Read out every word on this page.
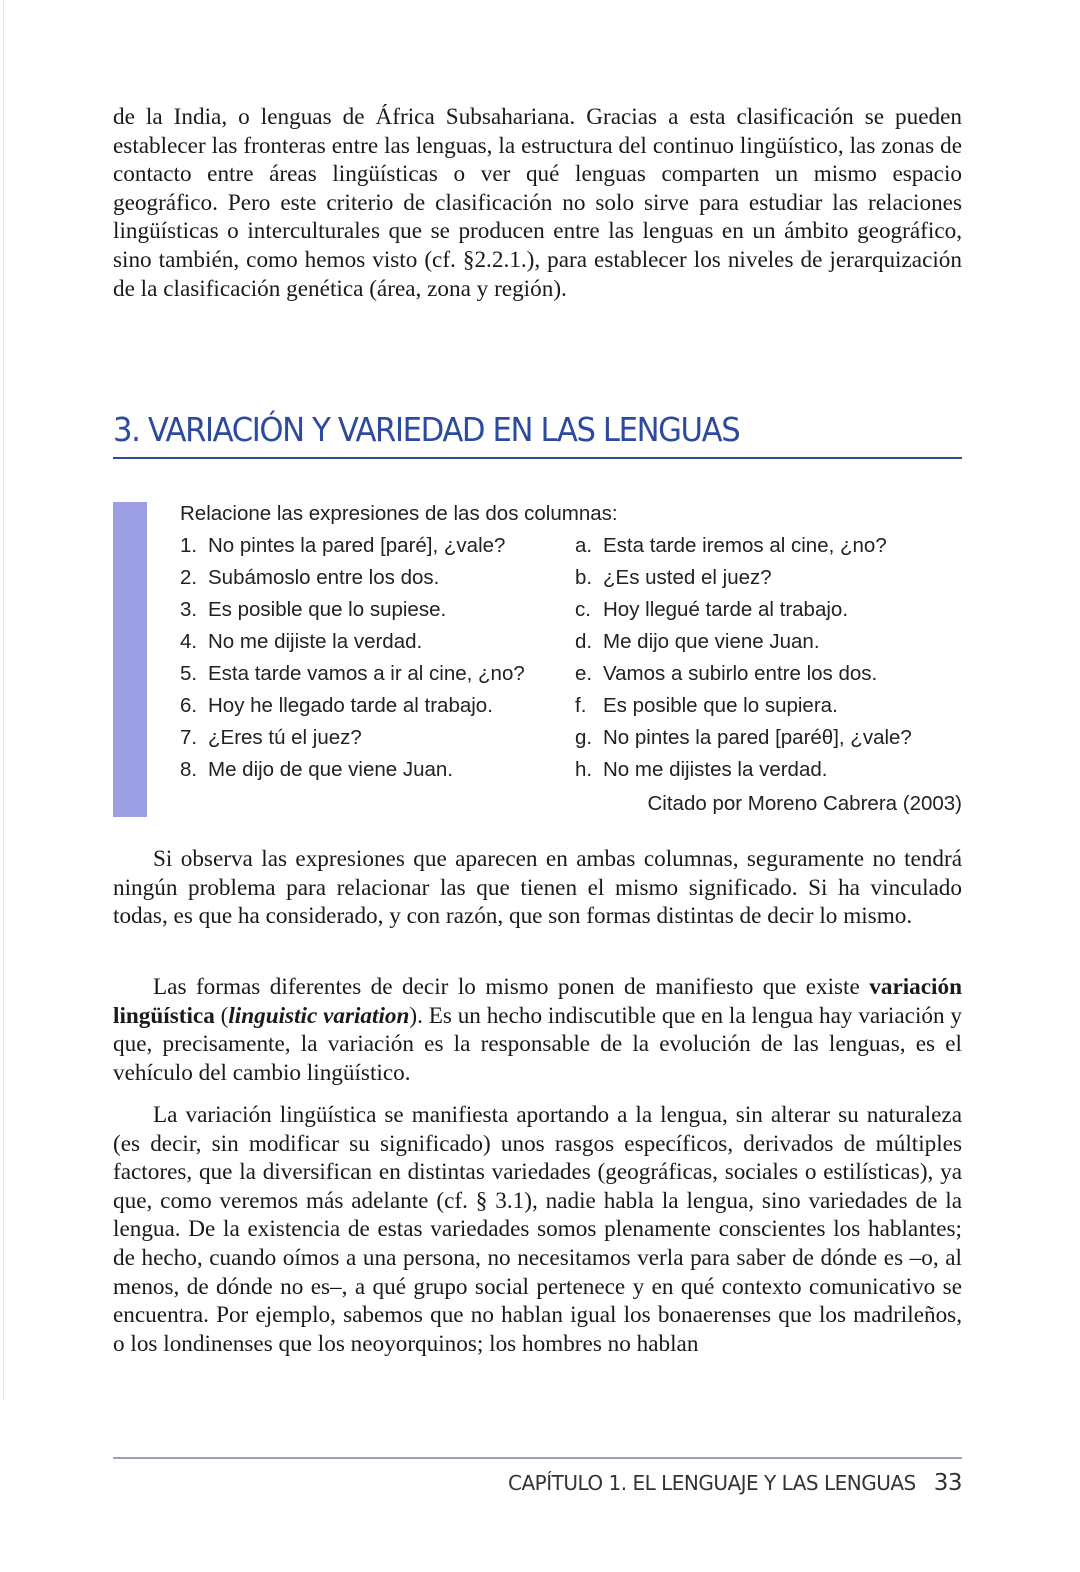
de la India, o lenguas de África Subsahariana. Gracias a esta clasificación se pueden establecer las fronteras entre las lenguas, la estructura del continuo lingüístico, las zonas de contacto entre áreas lingüísticas o ver qué lenguas comparten un mismo espacio geográfico. Pero este criterio de clasificación no solo sirve para estudiar las relaciones lingüísticas o interculturales que se producen entre las lenguas en un ámbito geográfico, sino también, como hemos visto (cf. §2.2.1.), para establecer los niveles de jerarquización de la clasificación genética (área, zona y región).

3. VARIACIÓN Y VARIEDAD EN LAS LENGUAS
Relacione las expresiones de las dos columnas:
1. No pintes la pared [paré], ¿vale?
2. Subámoslo entre los dos.
3. Es posible que lo supiese.
4. No me dijiste la verdad.
5. Esta tarde vamos a ir al cine, ¿no?
6. Hoy he llegado tarde al trabajo.
7. ¿Eres tú el juez?
8. Me dijo de que viene Juan.
a. Esta tarde iremos al cine, ¿no?
b. ¿Es usted el juez?
c. Hoy llegué tarde al trabajo.
d. Me dijo que viene Juan.
e. Vamos a subirlo entre los dos.
f. Es posible que lo supiera.
g. No pintes la pared [paréθ], ¿vale?
h. No me dijistes la verdad.
Citado por Moreno Cabrera (2003)

Si observa las expresiones que aparecen en ambas columnas, seguramente no tendrá ningún problema para relacionar las que tienen el mismo significado. Si ha vinculado todas, es que ha considerado, y con razón, que son formas distintas de decir lo mismo.

Las formas diferentes de decir lo mismo ponen de manifiesto que existe variación lingüística (linguistic variation). Es un hecho indiscutible que en la lengua hay variación y que, precisamente, la variación es la responsable de la evolución de las lenguas, es el vehículo del cambio lingüístico.

La variación lingüística se manifiesta aportando a la lengua, sin alterar su naturaleza (es decir, sin modificar su significado) unos rasgos específicos, derivados de múltiples factores, que la diversifican en distintas variedades (geográficas, sociales o estilísticas), ya que, como veremos más adelante (cf. § 3.1), nadie habla la lengua, sino variedades de la lengua. De la existencia de estas variedades somos plenamente conscientes los hablantes; de hecho, cuando oímos a una persona, no necesitamos verla para saber de dónde es –o, al menos, de dónde no es–, a qué grupo social pertenece y en qué contexto comunicativo se encuentra. Por ejemplo, sabemos que no hablan igual los bonaerenses que los madrileños, o los londinenses que los neoyorquinos; los hombres no hablan

CAPÍTULO 1. EL LENGUAJE Y LAS LENGUAS 33
